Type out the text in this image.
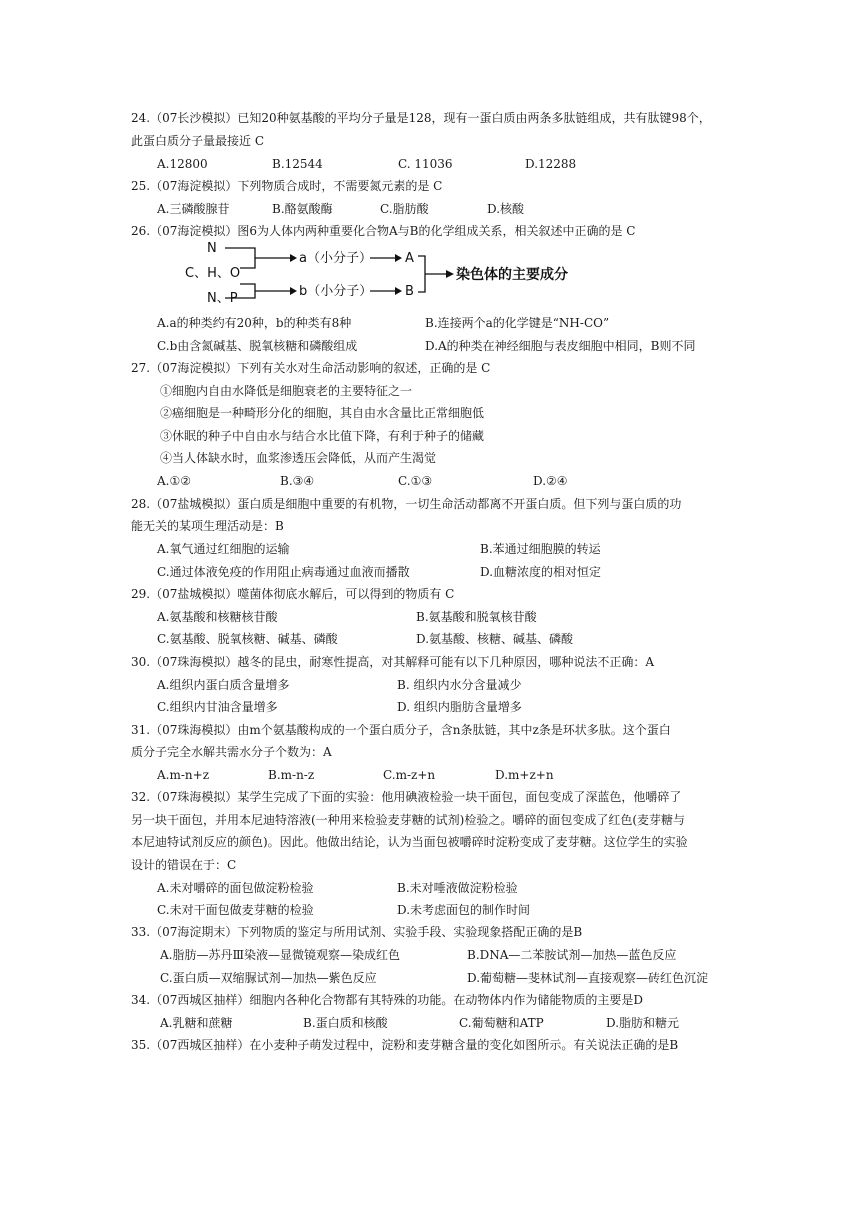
24.（07长沙模拟）已知20种氨基酸的平均分子量是128，现有一蛋白质由两条多肽链组成，共有肽键98个，
此蛋白质分子量最接近 C
A.12800	B.12544	C. 11036	D.12288
25.（07海淀模拟）下列物质合成时，不需要氮元素的是 C
A.三磷酸腺苷	B.酪氨酸酶	C.脂肪酸	D.核酸
26.（07海淀模拟）图6为人体内两种重要化合物A与B的化学组成关系，相关叙述中正确的是 C
N
C、H、O
N、P
a（小分子）
b（小分子）
A
B
染色体的主要成分
A.a的种类约有20种，b的种类有8种	B.连接两个a的化学键是“NH-CO”
C.b由含氮碱基、脱氧核糖和磷酸组成	D.A的种类在神经细胞与表皮细胞中相同，B则不同
27.（07海淀模拟）下列有关水对生命活动影响的叙述，正确的是 C
①细胞内自由水降低是细胞衰老的主要特征之一
②癌细胞是一种畸形分化的细胞，其自由水含量比正常细胞低
③休眠的种子中自由水与结合水比值下降，有利于种子的储藏
④当人体缺水时，血浆渗透压会降低，从而产生渴觉
A.①②	B.③④	C.①③	D.②④
28.（07盐城模拟）蛋白质是细胞中重要的有机物，一切生命活动都离不开蛋白质。但下列与蛋白质的功
能无关的某项生理活动是：B
A.氧气通过红细胞的运输	B.苯通过细胞膜的转运
C.通过体液免疫的作用阻止病毒通过血液而播散	D.血糖浓度的相对恒定
29.（07盐城模拟）噬菌体彻底水解后，可以得到的物质有 C
A.氨基酸和核糖核苷酸	B.氨基酸和脱氧核苷酸
C.氨基酸、脱氧核糖、碱基、磷酸	D.氨基酸、核糖、碱基、磷酸
30.（07珠海模拟）越冬的昆虫，耐寒性提高，对其解释可能有以下几种原因，哪种说法不正确：A
A.组织内蛋白质含量增多	B. 组织内水分含量减少
C.组织内甘油含量增多	D. 组织内脂肪含量增多
31.（07珠海模拟）由m个氨基酸构成的一个蛋白质分子，含n条肽链，其中z条是环状多肽。这个蛋白
质分子完全水解共需水分子个数为：A
A.m-n+z	B.m-n-z	C.m-z+n	D.m+z+n
32.（07珠海模拟）某学生完成了下面的实验：他用碘液检验一块干面包，面包变成了深蓝色，他嚼碎了
另一块干面包，并用本尼迪特溶液(一种用来检验麦芽糖的试剂)检验之。嚼碎的面包变成了红色(麦芽糖与
本尼迪特试剂反应的颜色)。因此。他做出结论，认为当面包被嚼碎时淀粉变成了麦芽糖。这位学生的实验
设计的错误在于：C
A.未对嚼碎的面包做淀粉检验	B.未对唾液做淀粉检验
C.未对干面包做麦芽糖的检验	D.未考虑面包的制作时间
33.（07海淀期末）下列物质的鉴定与所用试剂、实验手段、实验现象搭配正确的是B
A.脂肪—苏丹Ⅲ染液—显微镜观察—染成红色	B.DNA—二苯胺试剂—加热—蓝色反应
C.蛋白质—双缩脲试剂—加热—紫色反应	D.葡萄糖—斐林试剂—直接观察—砖红色沉淀
34.（07西城区抽样）细胞内各种化合物都有其特殊的功能。在动物体内作为储能物质的主要是D
A.乳糖和蔗糖	B.蛋白质和核酸	C.葡萄糖和ATP	D.脂肪和糖元
35.（07西城区抽样）在小麦种子萌发过程中，淀粉和麦芽糖含量的变化如图所示。有关说法正确的是B
